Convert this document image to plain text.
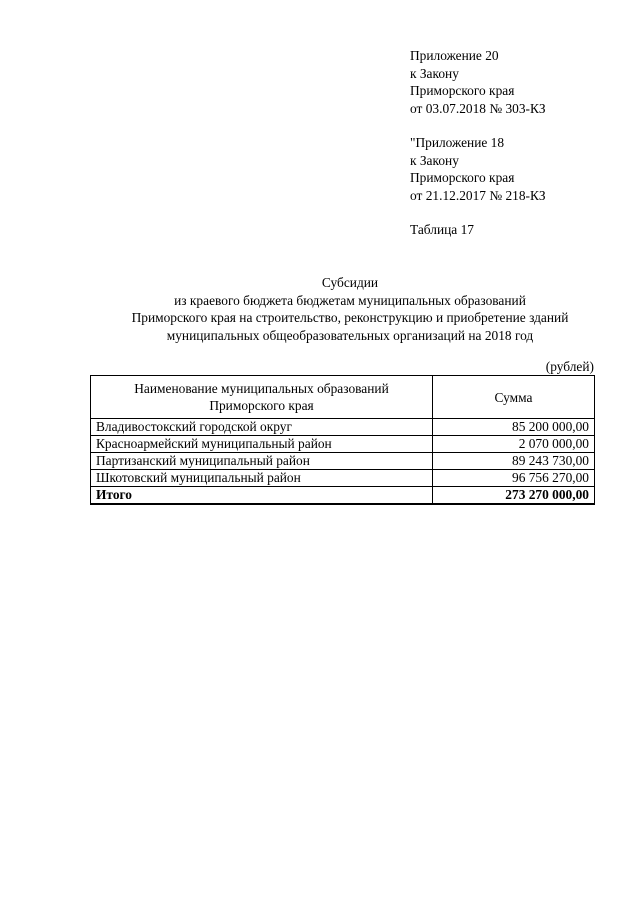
Приложение 20
к Закону
Приморского края
от 03.07.2018 № 303-КЗ
"Приложение 18
к Закону
Приморского края
от 21.12.2017 № 218-КЗ
Таблица 17
Субсидии
из краевого бюджета бюджетам муниципальных образований
Приморского края на строительство, реконструкцию и приобретение зданий
муниципальных общеобразовательных организаций на 2018 год
(рублей)
Наименование муниципальных образований Приморского края	Сумма
Владивостокский городской округ	85 200 000,00
Красноармейский муниципальный район	2 070 000,00
Партизанский муниципальный район	89 243 730,00
Шкотовский муниципальный район	96 756 270,00
Итого	273 270 000,00
